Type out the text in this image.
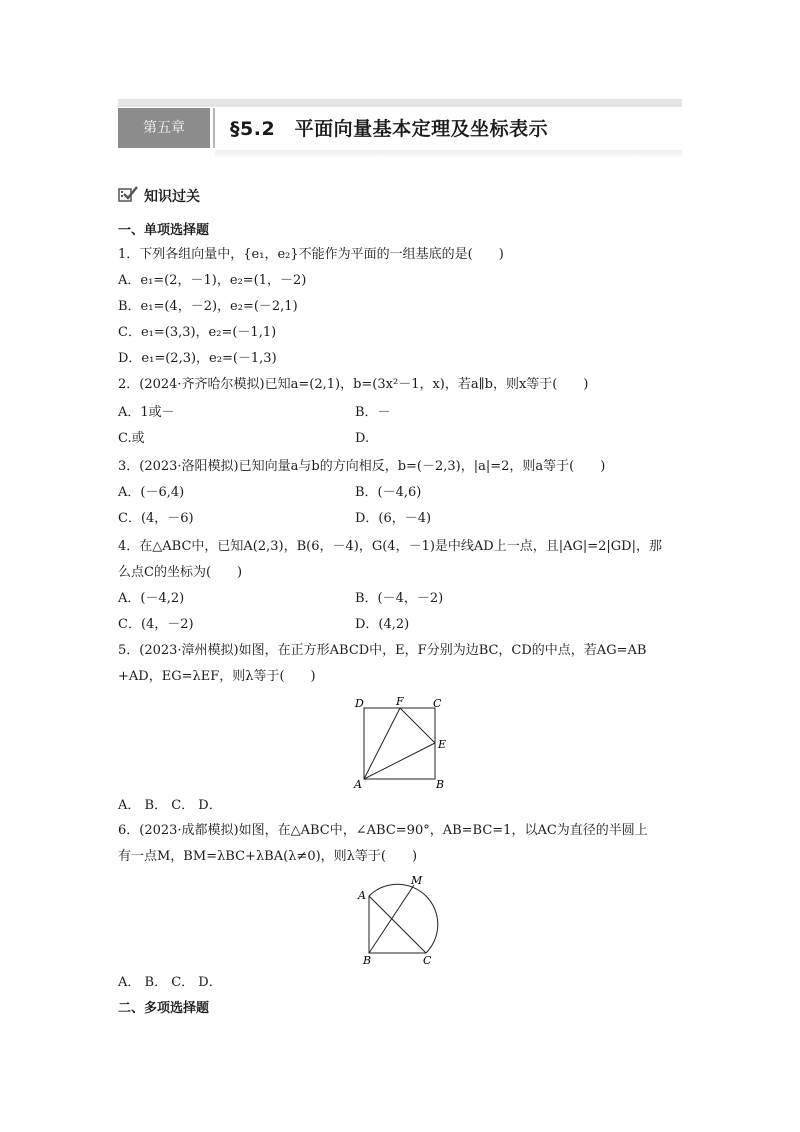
第五章	§5.2　平面向量基本定理及坐标表示
知识过关
一、单项选择题
1．下列各组向量中，{e₁，e₂}不能作为平面的一组基底的是(　　)
A．e₁=(2，－1)，e₂=(1，－2)
B．e₁=(4，－2)，e₂=(－2,1)
C．e₁=(3,3)，e₂=(－1,1)
D．e₁=(2,3)，e₂=(－1,3)
2．(2024·齐齐哈尔模拟)已知a=(2,1)，b=(3x²－1，x)，若a∥b，则x等于(　　)
A．1或－	B．－
C.或	D.
3．(2023·洛阳模拟)已知向量a与b的方向相反，b=(－2,3)，|a|=2，则a等于(　　)
A．(－6,4)	B．(－4,6)
C．(4，－6)	D．(6，－4)
4．在△ABC中，已知A(2,3)，B(6，－4)，G(4，－1)是中线AD上一点，且|AG|=2|GD|，那
么点C的坐标为(　　)
A．(－4,2)	B．(－4，－2)
C．(4，－2)	D．(4,2)
5．(2023·漳州模拟)如图，在正方形ABCD中，E，F分别为边BC，CD的中点，若AG=AB
+AD，EG=λEF，则λ等于(　　)
D	F	C
E
A	B
A． B． C． D．
6．(2023·成都模拟)如图，在△ABC中，∠ABC=90°，AB=BC=1，以AC为直径的半圆上
有一点M，BM=λBC+λBA(λ≠0)，则λ等于(　　)
A
M
B	C
A． B． C． D．
二、多项选择题
